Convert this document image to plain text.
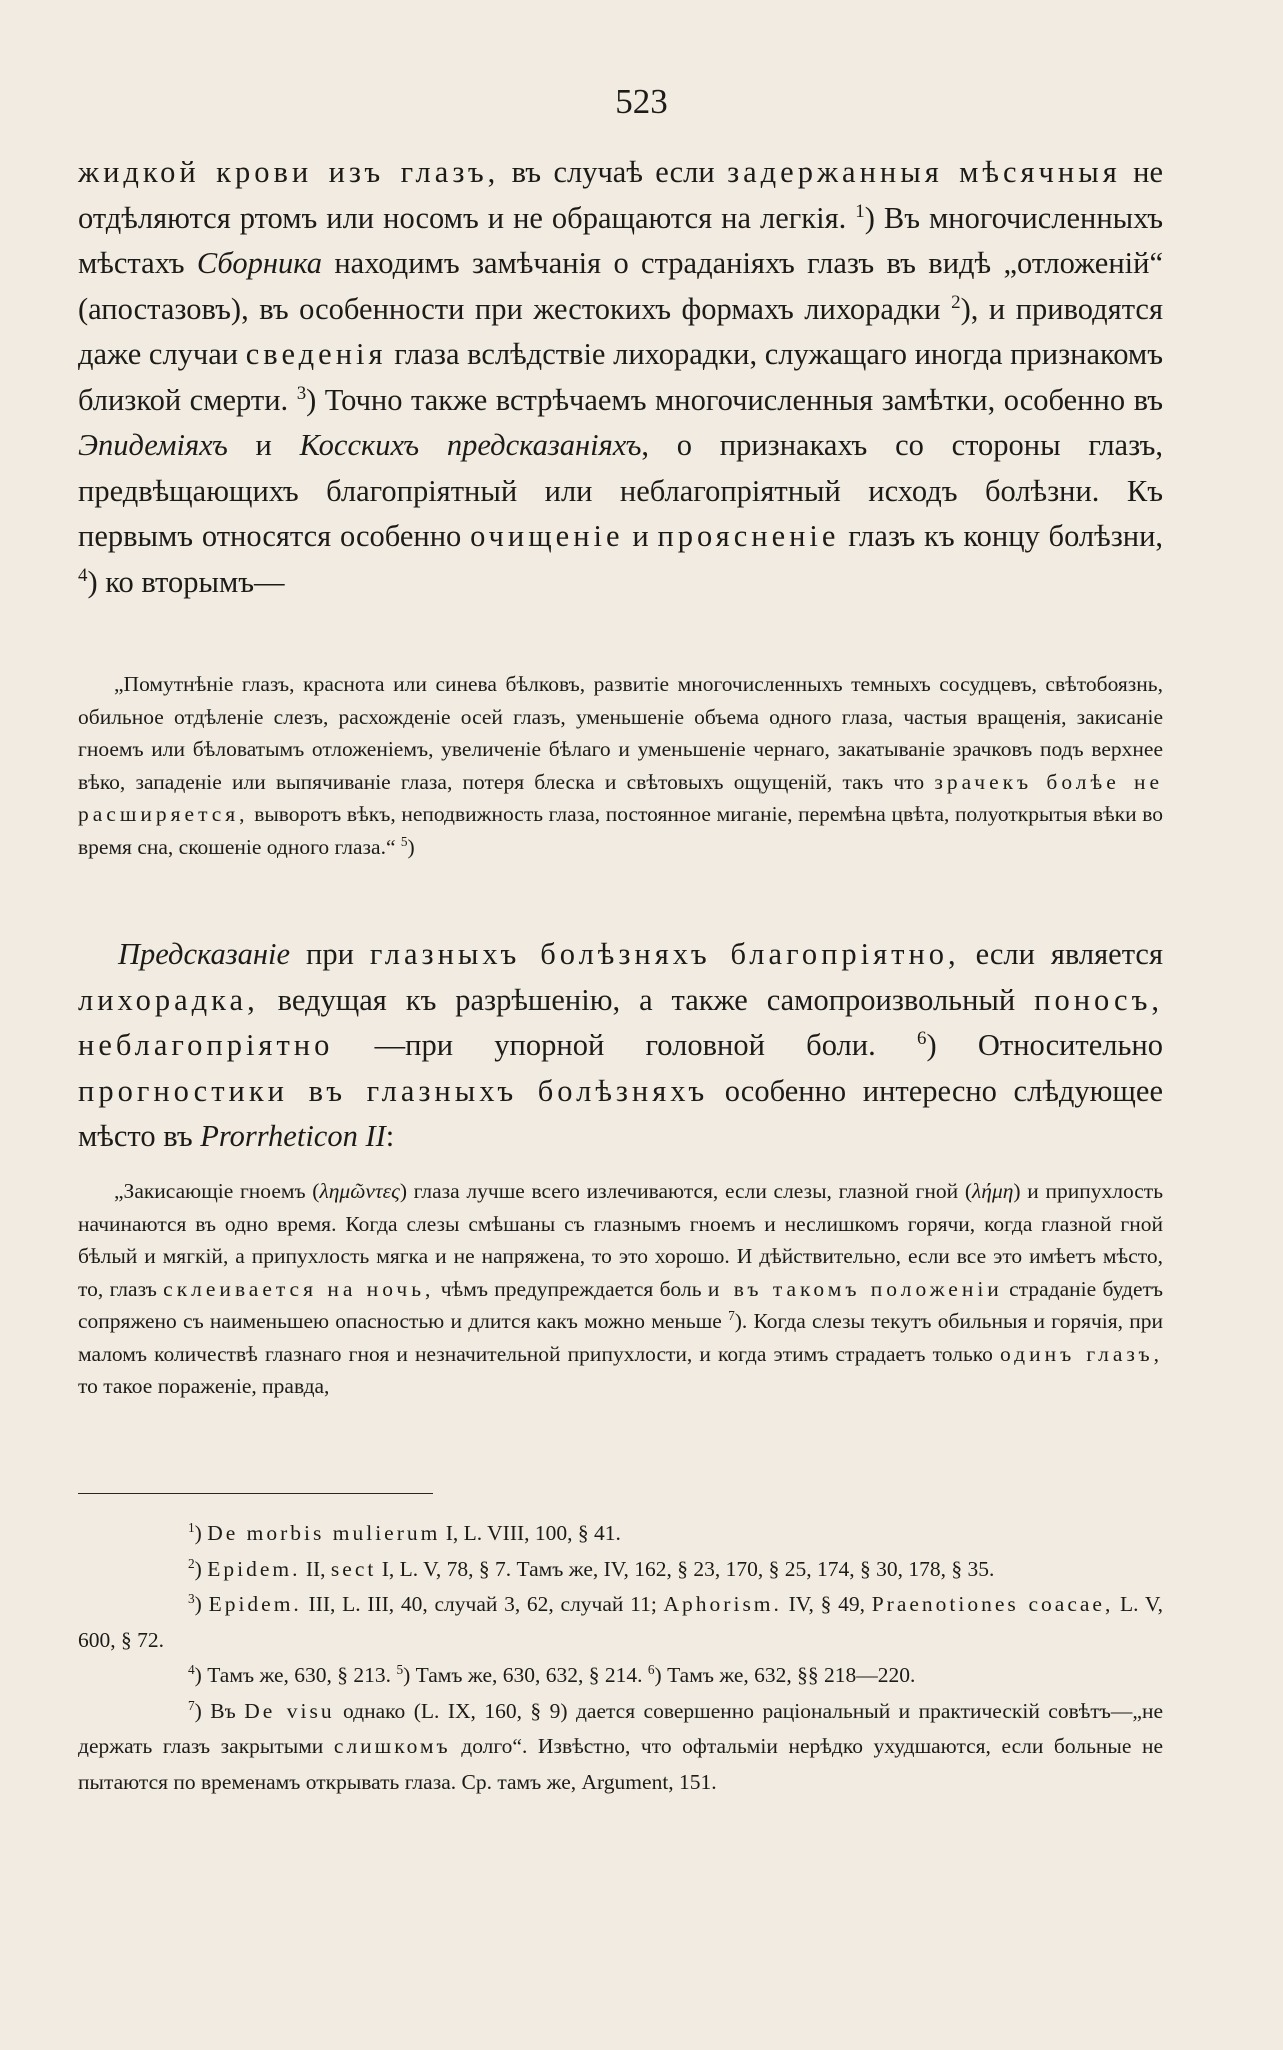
523

жидкой крови изъ глазъ, въ случаѣ если задержанныя мѣсячныя не отдѣляются ртомъ или носомъ и не обращаются на легкія. $^1$) Въ многочисленныхъ мѣстахъ Сборника находимъ замѣчанія о страданіяхъ глазъ въ видѣ „отложеній“ (апостазовъ), въ особенности при жестокихъ формахъ лихорадки $^2$), и приводятся даже случаи сведенія глаза вслѣдствіе лихорадки, служащаго иногда признакомъ близкой смерти. $^3$) Точно также встрѣчаемъ многочисленныя замѣтки, особенно въ Эпидеміяхъ и Косскихъ предсказаніяхъ, о признакахъ со стороны глазъ, предвѣщающихъ благопріятный или неблагопріятный исходъ болѣзни. Къ первымъ относятся особенно очищеніе и проясненіе глазъ къ концу болѣзни, $^4$) ко вторымъ—

„Помутнѣніе глазъ, краснота или синева бѣлковъ, развитіе многочисленныхъ темныхъ сосудцевъ, свѣтобоязнь, обильное отдѣленіе слезъ, расхожденіе осей глазъ, уменьшеніе объема одного глаза, частыя вращенія, закисаніе гноемъ или бѣловатымъ отложеніемъ, увеличеніе бѣлаго и уменьшеніе чернаго, закатываніе зрачковъ подъ верхнее вѣко, западеніе или выпячиваніе глаза, потеря блеска и свѣтовыхъ ощущеній, такъ что зрачекъ болѣе не расширяется, выворотъ вѣкъ, неподвижность глаза, постоянное миганіе, перемѣна цвѣта, полуоткрытыя вѣки во время сна, скошеніе одного глаза.“ $^5$)

Предсказаніе при глазныхъ болѣзняхъ благопріятно, если является лихорадка, ведущая къ разрѣшенію, а также самопроизвольный поносъ, неблагопріятно —при упорной головной боли. $^6$) Относительно прогностики въ глазныхъ болѣзняхъ особенно интересно слѣдующее мѣсто въ Prorrheticon II:

„Закисающіе гноемъ (λημῶντες) глаза лучше всего излечиваются, если слезы, глазной гной (λήμη) и припухлость начинаются въ одно время. Когда слезы смѣшаны съ глазнымъ гноемъ и неслишкомъ горячи, когда глазной гной бѣлый и мягкій, а припухлость мягка и не напряжена, то это хорошо. И дѣйствительно, если все это имѣетъ мѣсто, то, глазъ склеивается на ночь, чѣмъ предупреждается боль и въ такомъ положеніи страданіе будетъ сопряжено съ наименьшею опасностью и длится какъ можно меньше $^7$). Когда слезы текутъ обильныя и горячія, при маломъ количествѣ глазнаго гноя и незначительной припухлости, и когда этимъ страдаетъ только одинъ глазъ, то такое пораженіе, правда,

$^1$) De morbis mulierum I, L. VIII, 100, § 41.

$^2$) Epidem. II, sect I, L. V, 78, § 7. Тамъ же, IV, 162, § 23, 170, § 25, 174, § 30, 178, § 35.

$^3$) Epidem. III, L. III, 40, случай 3, 62, случай 11; Aphorism. IV, § 49, Praenotiones coacae, L. V, 600, § 72.

$^4$) Тамъ же, 630, § 213. $^5$) Тамъ же, 630, 632, § 214. $^6$) Тамъ же, 632, §§ 218—220.

$^7$) Въ De visu однако (L. IX, 160, § 9) дается совершенно раціональный и практическій совѣтъ—„не держать глазъ закрытыми слишкомъ долго“. Извѣстно, что офтальміи нерѣдко ухудшаются, если больные не пытаются по временамъ открывать глаза. Ср. тамъ же, Argument, 151.
